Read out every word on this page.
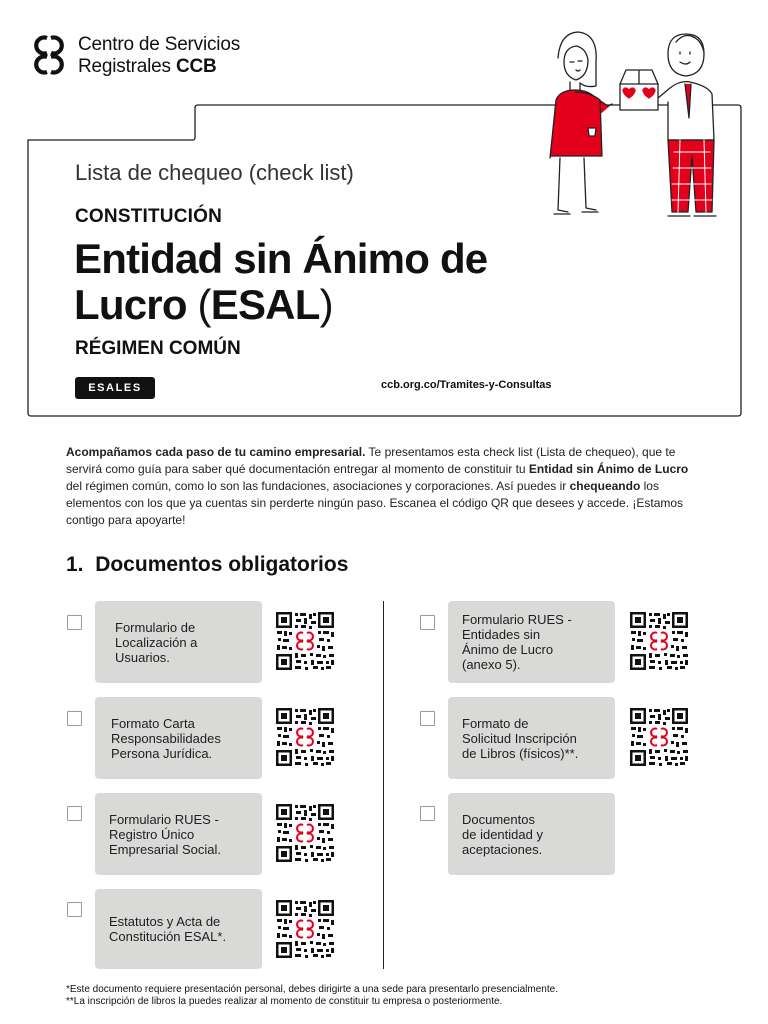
Centro de Servicios
Registrales CCB
Lista de chequeo (check list)
CONSTITUCIÓN
Entidad sin Ánimo de
Lucro (ESAL)
RÉGIMEN COMÚN
ESALES	ccb.org.co/Tramites-y-Consultas
Acompañamos cada paso de tu camino empresarial. Te presentamos esta check list (Lista de chequeo), que te servirá como guía para saber qué documentación entregar al momento de constituir tu Entidad sin Ánimo de Lucro del régimen común, como lo son las fundaciones, asociaciones y corporaciones. Así puedes ir chequeando los elementos con los que ya cuentas sin perderte ningún paso. Escanea el código QR que desees y accede. ¡Estamos contigo para apoyarte!
1. Documentos obligatorios
Formulario de
Localización a
Usuarios.
Formato Carta
Responsabilidades
Persona Jurídica.
Formulario RUES -
Registro Único
Empresarial Social.
Estatutos y Acta de
Constitución ESAL*.
Formulario RUES -
Entidades sin
Ánimo de Lucro
(anexo 5).
Formato de
Solicitud Inscripción
de Libros (físicos)**.
Documentos
de identidad y
aceptaciones.
*Este documento requiere presentación personal, debes dirigirte a una sede para presentarlo presencialmente.
**La inscripción de libros la puedes realizar al momento de constituir tu empresa o posteriormente.
